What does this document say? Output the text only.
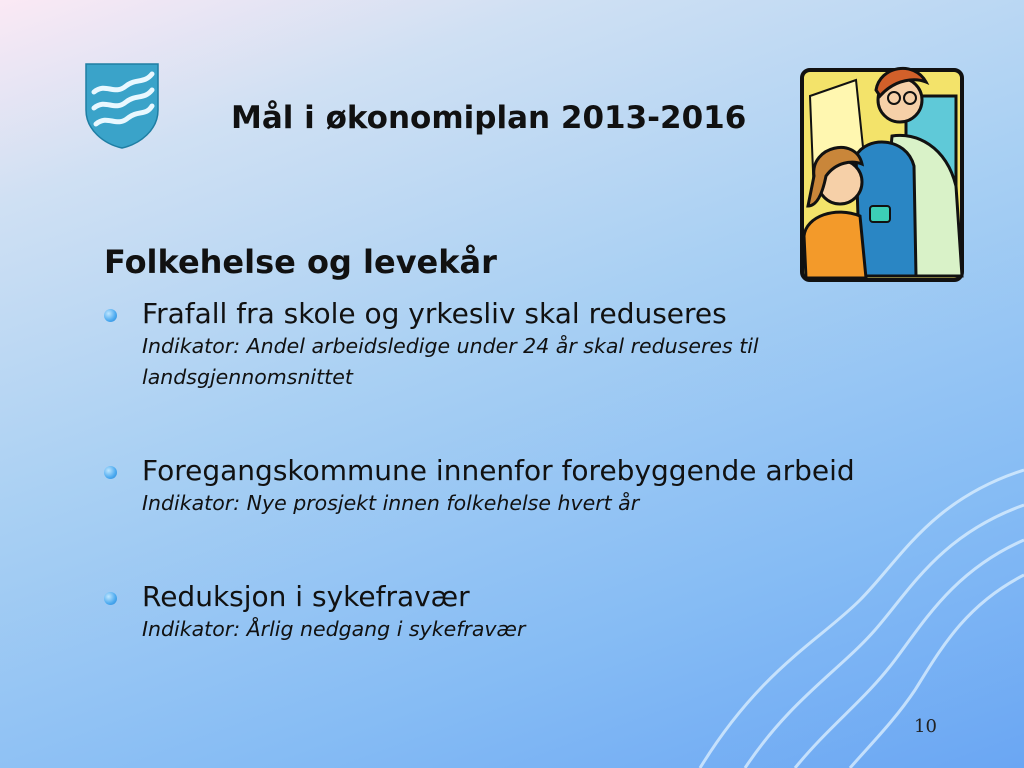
Mål i økonomiplan 2013-2016
Folkehelse og levekår
Frafall fra skole og yrkesliv skal reduseres
Indikator: Andel arbeidsledige under 24 år skal reduseres til landsgjennomsnittet
Foregangskommune innenfor forebyggende arbeid
Indikator: Nye prosjekt innen folkehelse hvert år
Reduksjon i sykefravær
Indikator: Årlig nedgang i sykefravær
10
